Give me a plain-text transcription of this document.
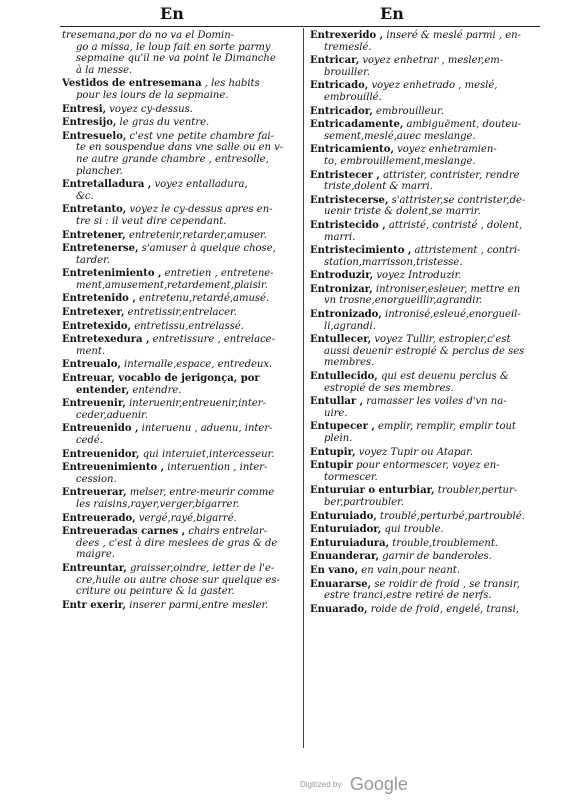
En	En
tresemana,por do no va el Domin-
go a missa, le loup fait en sorte parmy
sepmaine qu'il ne va point le Dimanche
à la messe.
Vestidos de entresemana , les habits
pour les iours de la sepmaine.
Entresi, voyez cy-dessus.
Entresijo, le gras du ventre.
Entresuelo, c'est vne petite chambre fai-
te en souspendue dans vne salle ou en v-
ne autre grande chambre , entresolle,
plancher.
Entretalladura , voyez entalladura,
&c.
Entretanto, voyez le cy-dessus apres en-
tre si : il veut dire cependant.
Entretener, entretenir,retarder,amuser.
Entretenerse, s'amuser à quelque chose,
tarder.
Entretenimiento , entretien , entretene-
ment,amusement,retardement,plaisir.
Entretenido , entretenu,retardé,amusé.
Entretexer, entretissir,entrelacer.
Entretexido, entretissu,entrelassé.
Entretexedura , entretissure , entrelace-
ment.
Entreualo, internalle,espace, entredeux.
Entreuar, vocablo de jerigonça, por
entender, entendre.
Entreuenir, interuenir,entreuenir,inter-
ceder,aduenir.
Entreuenido , interuenu , aduenu, inter-
cedé.
Entreuenidor, qui interuiet,intercesseur.
Entreuenimiento , interuention , inter-
cession.
Entreuerar, melser, entre-meurir comme
les raisins,rayer,verger,bigarrer.
Entreuerado, vergé,rayé,bigarré.
Entreueradas carnes , chairs entrelar-
dees , c'est à dire meslees de gras & de
maigre.
Entreuntar, graisser,oindre, ietter de l'e-
cre,huile ou autre chose sur quelque es-
criture ou peinture & la gaster.
Entr exerir, inserer parmi,entre mesler.
Entrexerido , inseré & meslé parmi , en-
tremeslé.
Entricar, voyez enhetrar , mesler,em-
brouiller.
Entricado, voyez enhetrado , meslé,
embrouillé.
Entricador, embrouilleur.
Entricadamente, ambiguëment, douteu-
sement,meslé,auec meslange.
Entricamiento, voyez enhetramien-
to, embrouillement,meslange.
Entristecer , attrister, contrister, rendre
triste,dolent & marri.
Entristecerse, s'attrister,se contrister,de-
uenir triste & dolent,se marrir.
Entristecido , attristé, contristé , dolent,
marri.
Entristecimiento , attristement , contri-
station,marrisson,tristesse.
Entroduzir, voyez Introduzir.
Entronizar, introniser,esleuer, mettre en
vn trosne,enorgueillir,agrandir.
Entronizado, intronisé,esleué,enorgueil-
li,agrandi.
Entullecer, voyez Tullir, estropier,c'est
aussi deuenir estropié & perclus de ses
membres.
Entullecido, qui est deuenu perclus &
estropié de ses membres.
Entullar , ramasser les voiles d'vn na-
uire.
Entupecer , emplir, remplir, emplir tout
plein.
Entupir, voyez Tupir ou Atapar.
Entupir pour entormescer, voyez en-
tormescer.
Enturuiar o enturbiar, troubler,pertur-
ber,partroubler.
Enturuiado, troublé,perturbé,partroublé.
Enturuiador, qui trouble.
Enturuiadura, trouble,troublement.
Enuanderar, garnir de banderoles.
En vano, en vain,pour neant.
Enuararse, se roidir de froid , se transir,
estre tranci,estre retiré de nerfs.
Enuarado, roide de froid, engelé, transi,
Digitized by Google
